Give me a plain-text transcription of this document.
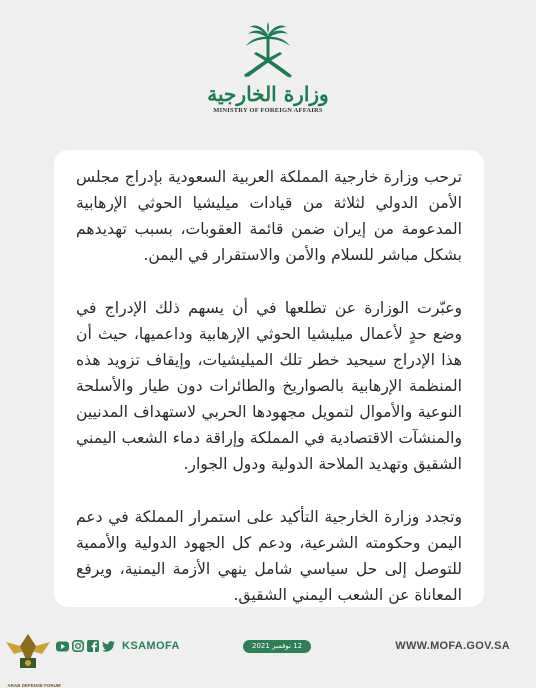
وزارة الخارجية
MINISTRY OF FOREIGN AFFAIRS

ترحب وزارة خارجية المملكة العربية السعودية بإدراج مجلس الأمن الدولي لثلاثة من قيادات ميليشيا الحوثي الإرهابية المدعومة من إيران ضمن قائمة العقوبات، بسبب تهديدهم بشكل مباشر للسلام والأمن والاستقرار في اليمن.

وعبّرت الوزارة عن تطلعها في أن يسهم ذلك الإدراج في وضع حدٍ لأعمال ميليشيا الحوثي الإرهابية وداعميها، حيث أن هذا الإدراج سيحيد خطر تلك الميليشيات، وإيقاف تزويد هذه المنظمة الإرهابية بالصواريخ والطائرات دون طيار والأسلحة النوعية والأموال لتمويل مجهودها الحربي لاستهداف المدنيين والمنشآت الاقتصادية في المملكة وإراقة دماء الشعب اليمني الشقيق وتهديد الملاحة الدولية ودول الجوار.

وتجدد وزارة الخارجية التأكيد على استمرار المملكة في دعم اليمن وحكومته الشرعية، ودعم كل الجهود الدولية والأممية للتوصل إلى حل سياسي شامل ينهي الأزمة اليمنية، ويرفع المعاناة عن الشعب اليمني الشقيق.

KSAMOFA	12 نوفمبر 2021	WWW.MOFA.GOV.SA
ARAB DEFENSE FORUM
